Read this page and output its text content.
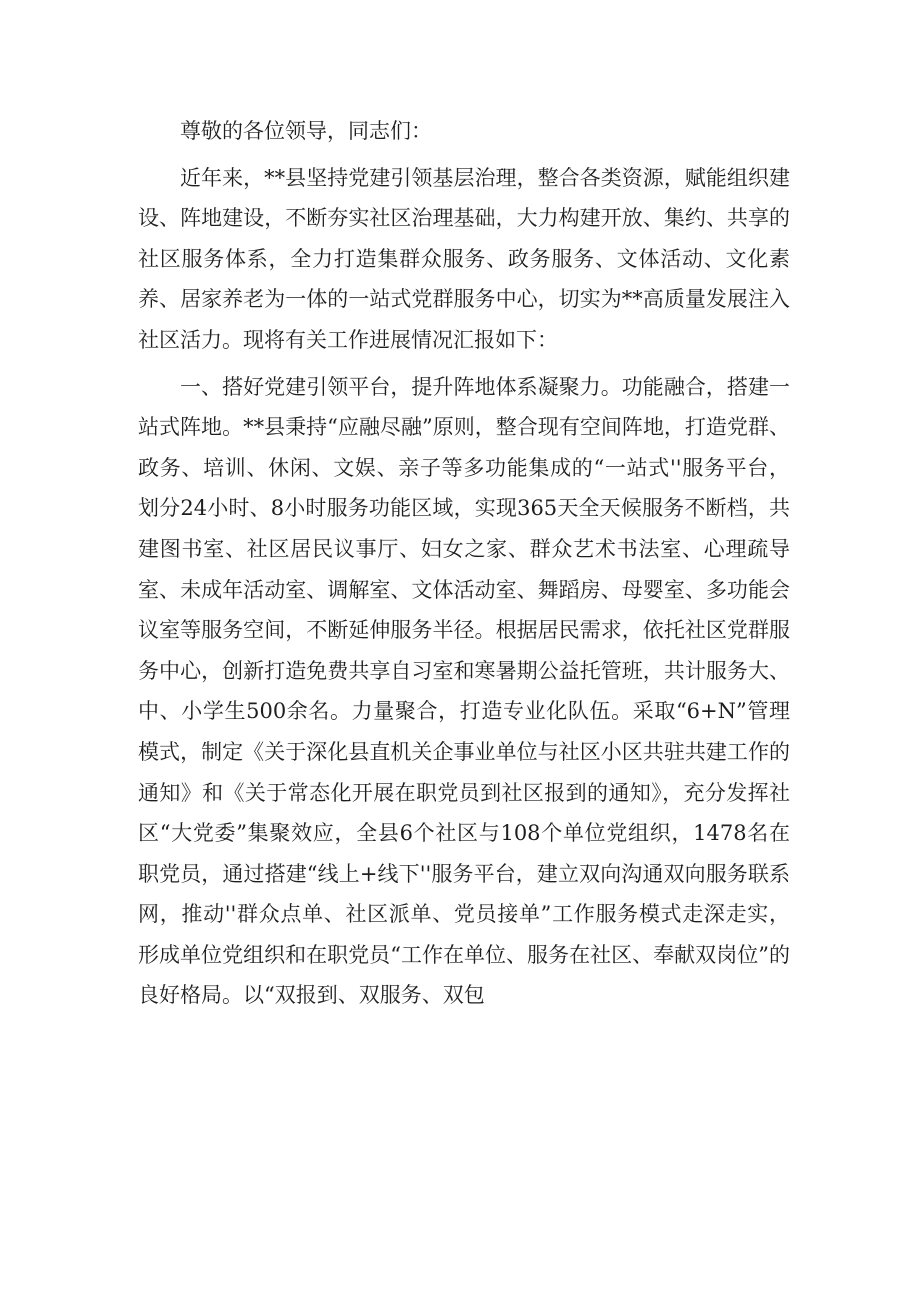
尊敬的各位领导，同志们：

近年来，**县坚持党建引领基层治理，整合各类资源，赋能组织建设、阵地建设，不断夯实社区治理基础，大力构建开放、集约、共享的社区服务体系，全力打造集群众服务、政务服务、文体活动、文化素养、居家养老为一体的一站式党群服务中心，切实为**高质量发展注入社区活力。现将有关工作进展情况汇报如下：

一、搭好党建引领平台，提升阵地体系凝聚力。功能融合，搭建一站式阵地。**县秉持“应融尽融”原则，整合现有空间阵地，打造党群、政务、培训、休闲、文娱、亲子等多功能集成的“一站式''服务平台，划分24小时、8小时服务功能区域，实现365天全天候服务不断档，共建图书室、社区居民议事厅、妇女之家、群众艺术书法室、心理疏导室、未成年活动室、调解室、文体活动室、舞蹈房、母婴室、多功能会议室等服务空间，不断延伸服务半径。根据居民需求，依托社区党群服务中心，创新打造免费共享自习室和寒暑期公益托管班，共计服务大、中、小学生500余名。力量聚合，打造专业化队伍。采取“6+N”管理模式，制定《关于深化县直机关企事业单位与社区小区共驻共建工作的通知》和《关于常态化开展在职党员到社区报到的通知》，充分发挥社区“大党委”集聚效应，全县6个社区与108个单位党组织，1478名在职党员，通过搭建“线上+线下''服务平台，建立双向沟通双向服务联系网，推动''群众点单、社区派单、党员接单”工作服务模式走深走实，形成单位党组织和在职党员“工作在单位、服务在社区、奉献双岗位”的良好格局。以“双报到、双服务、双包
